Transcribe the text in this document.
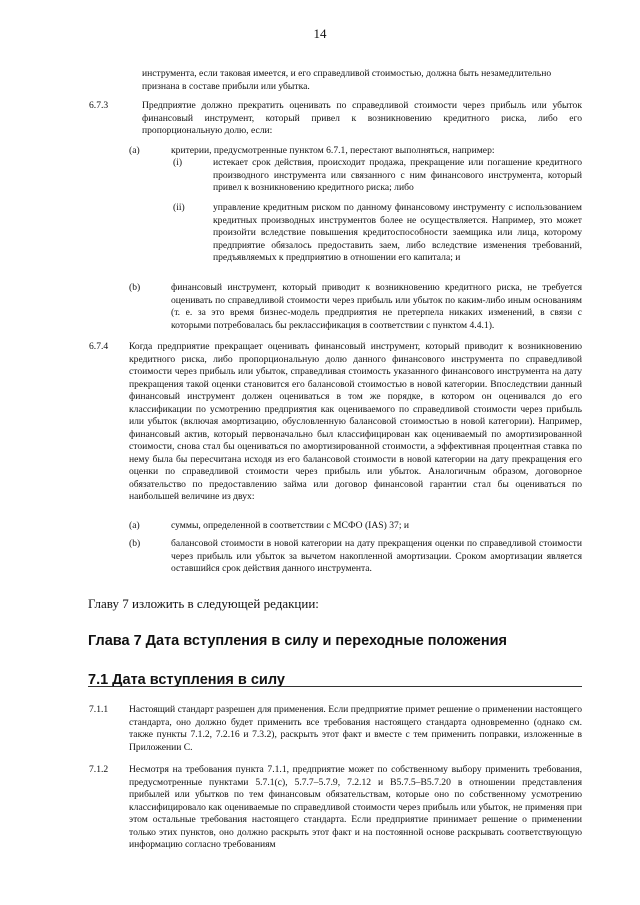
14

инструмента, если таковая имеется, и его справедливой стоимостью, должна быть незамедлительно

признана в составе прибыли или убытка.

6.7.3	Предприятие должно прекратить оценивать по справедливой стоимости через прибыль или убыток финансовый инструмент, который привел к возникновению кредитного риска, либо его пропорциональную долю, если:

(a)	критерии, предусмотренные пунктом 6.7.1, перестают выполняться, например:

(i)	истекает срок действия, происходит продажа, прекращение или погашение кредитного производного инструмента или связанного с ним финансового инструмента, который привел к возникновению кредитного риска; либо

(ii)	управление кредитным риском по данному финансовому инструменту с использованием кредитных производных инструментов более не осуществляется. Например, это может произойти вследствие повышения кредитоспособности заемщика или лица, которому предприятие обязалось предоставить заем, либо вследствие изменения требований, предъявляемых к предприятию в отношении его капитала; и

(b)	финансовый инструмент, который приводит к возникновению кредитного риска, не требуется оценивать по справедливой стоимости через прибыль или убыток по каким-либо иным основаниям (т. е. за это время бизнес-модель предприятия не претерпела никаких изменений, в связи с которыми потребовалась бы реклассификация в соответствии с пунктом 4.4.1).

6.7.4 Когда предприятие прекращает оценивать финансовый инструмент, который приводит к возникновению кредитного риска, либо пропорциональную долю данного финансового инструмента по справедливой стоимости через прибыль или убыток, справедливая стоимость указанного финансового инструмента на дату прекращения такой оценки становится его балансовой стоимостью в новой категории. Впоследствии данный финансовый инструмент должен оцениваться в том же порядке, в котором он оценивался до его классификации по усмотрению предприятия как оцениваемого по справедливой стоимости через прибыль или убыток (включая амортизацию, обусловленную балансовой стоимостью в новой категории). Например, финансовый актив, который первоначально был классифицирован как оцениваемый по амортизированной стоимости, снова стал бы оцениваться по амортизированной стоимости, а эффективная процентная ставка по нему была бы пересчитана исходя из его балансовой стоимости в новой категории на дату прекращения его оценки по справедливой стоимости через прибыль или убыток. Аналогичным образом, договорное обязательство по предоставлению займа или договор финансовой гарантии стал бы оцениваться по наибольшей величине из двух:

(a)	суммы, определенной в соответствии с МСФО (IAS) 37; и

(b)	балансовой стоимости в новой категории на дату прекращения оценки по справедливой стоимости через прибыль или убыток за вычетом накопленной амортизации. Сроком амортизации является оставшийся срок действия данного инструмента.

Главу 7 изложить в следующей редакции:
Глава 7 Дата вступления в силу и переходные положения
7.1 Дата вступления в силу
7.1.1 Настоящий стандарт разрешен для применения. Если предприятие примет решение о применении настоящего стандарта, оно должно будет применить все требования настоящего стандарта одновременно (однако см. также пункты 7.1.2, 7.2.16 и 7.3.2), раскрыть этот факт и вместе с тем применить поправки, изложенные в Приложении С.

7.1.2 Несмотря на требования пункта 7.1.1, предприятие может по собственному выбору применить требования, предусмотренные пунктами 5.7.1(с), 5.7.7–5.7.9, 7.2.12 и В5.7.5–В5.7.20 в отношении представления прибылей или убытков по тем финансовым обязательствам, которые оно по собственному усмотрению классифицировало как оцениваемые по справедливой стоимости через прибыль или убыток, не применяя при этом остальные требования настоящего стандарта. Если предприятие принимает решение о применении только этих пунктов, оно должно раскрыть этот факт и на постоянной основе раскрывать соответствующую информацию согласно требованиям
